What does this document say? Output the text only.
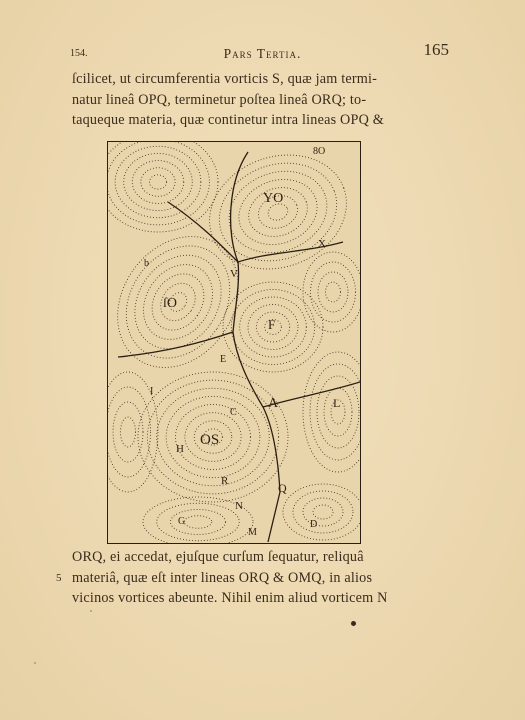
154.	Pars Tertia.	165
ſcilicet, ut circumferentia vorticis S, quæ jam termi-
natur lineâ OPQ, terminetur poſtea lineâ ORQ; to-
taqueque materia, quæ continetur intra lineas OPQ &
YO
8O
b
X
ſO
V
F
E
I
C
A	L
H
OS
R	Q
N
D
G
M
5
ORQ, ei accedat, ejuſque curſum ſequatur, reliquâ
materiâ, quæ eſt inter lineas ORQ & OMQ, in alios
vicinos vortices abeunte. Nihil enim aliud vorticem N
